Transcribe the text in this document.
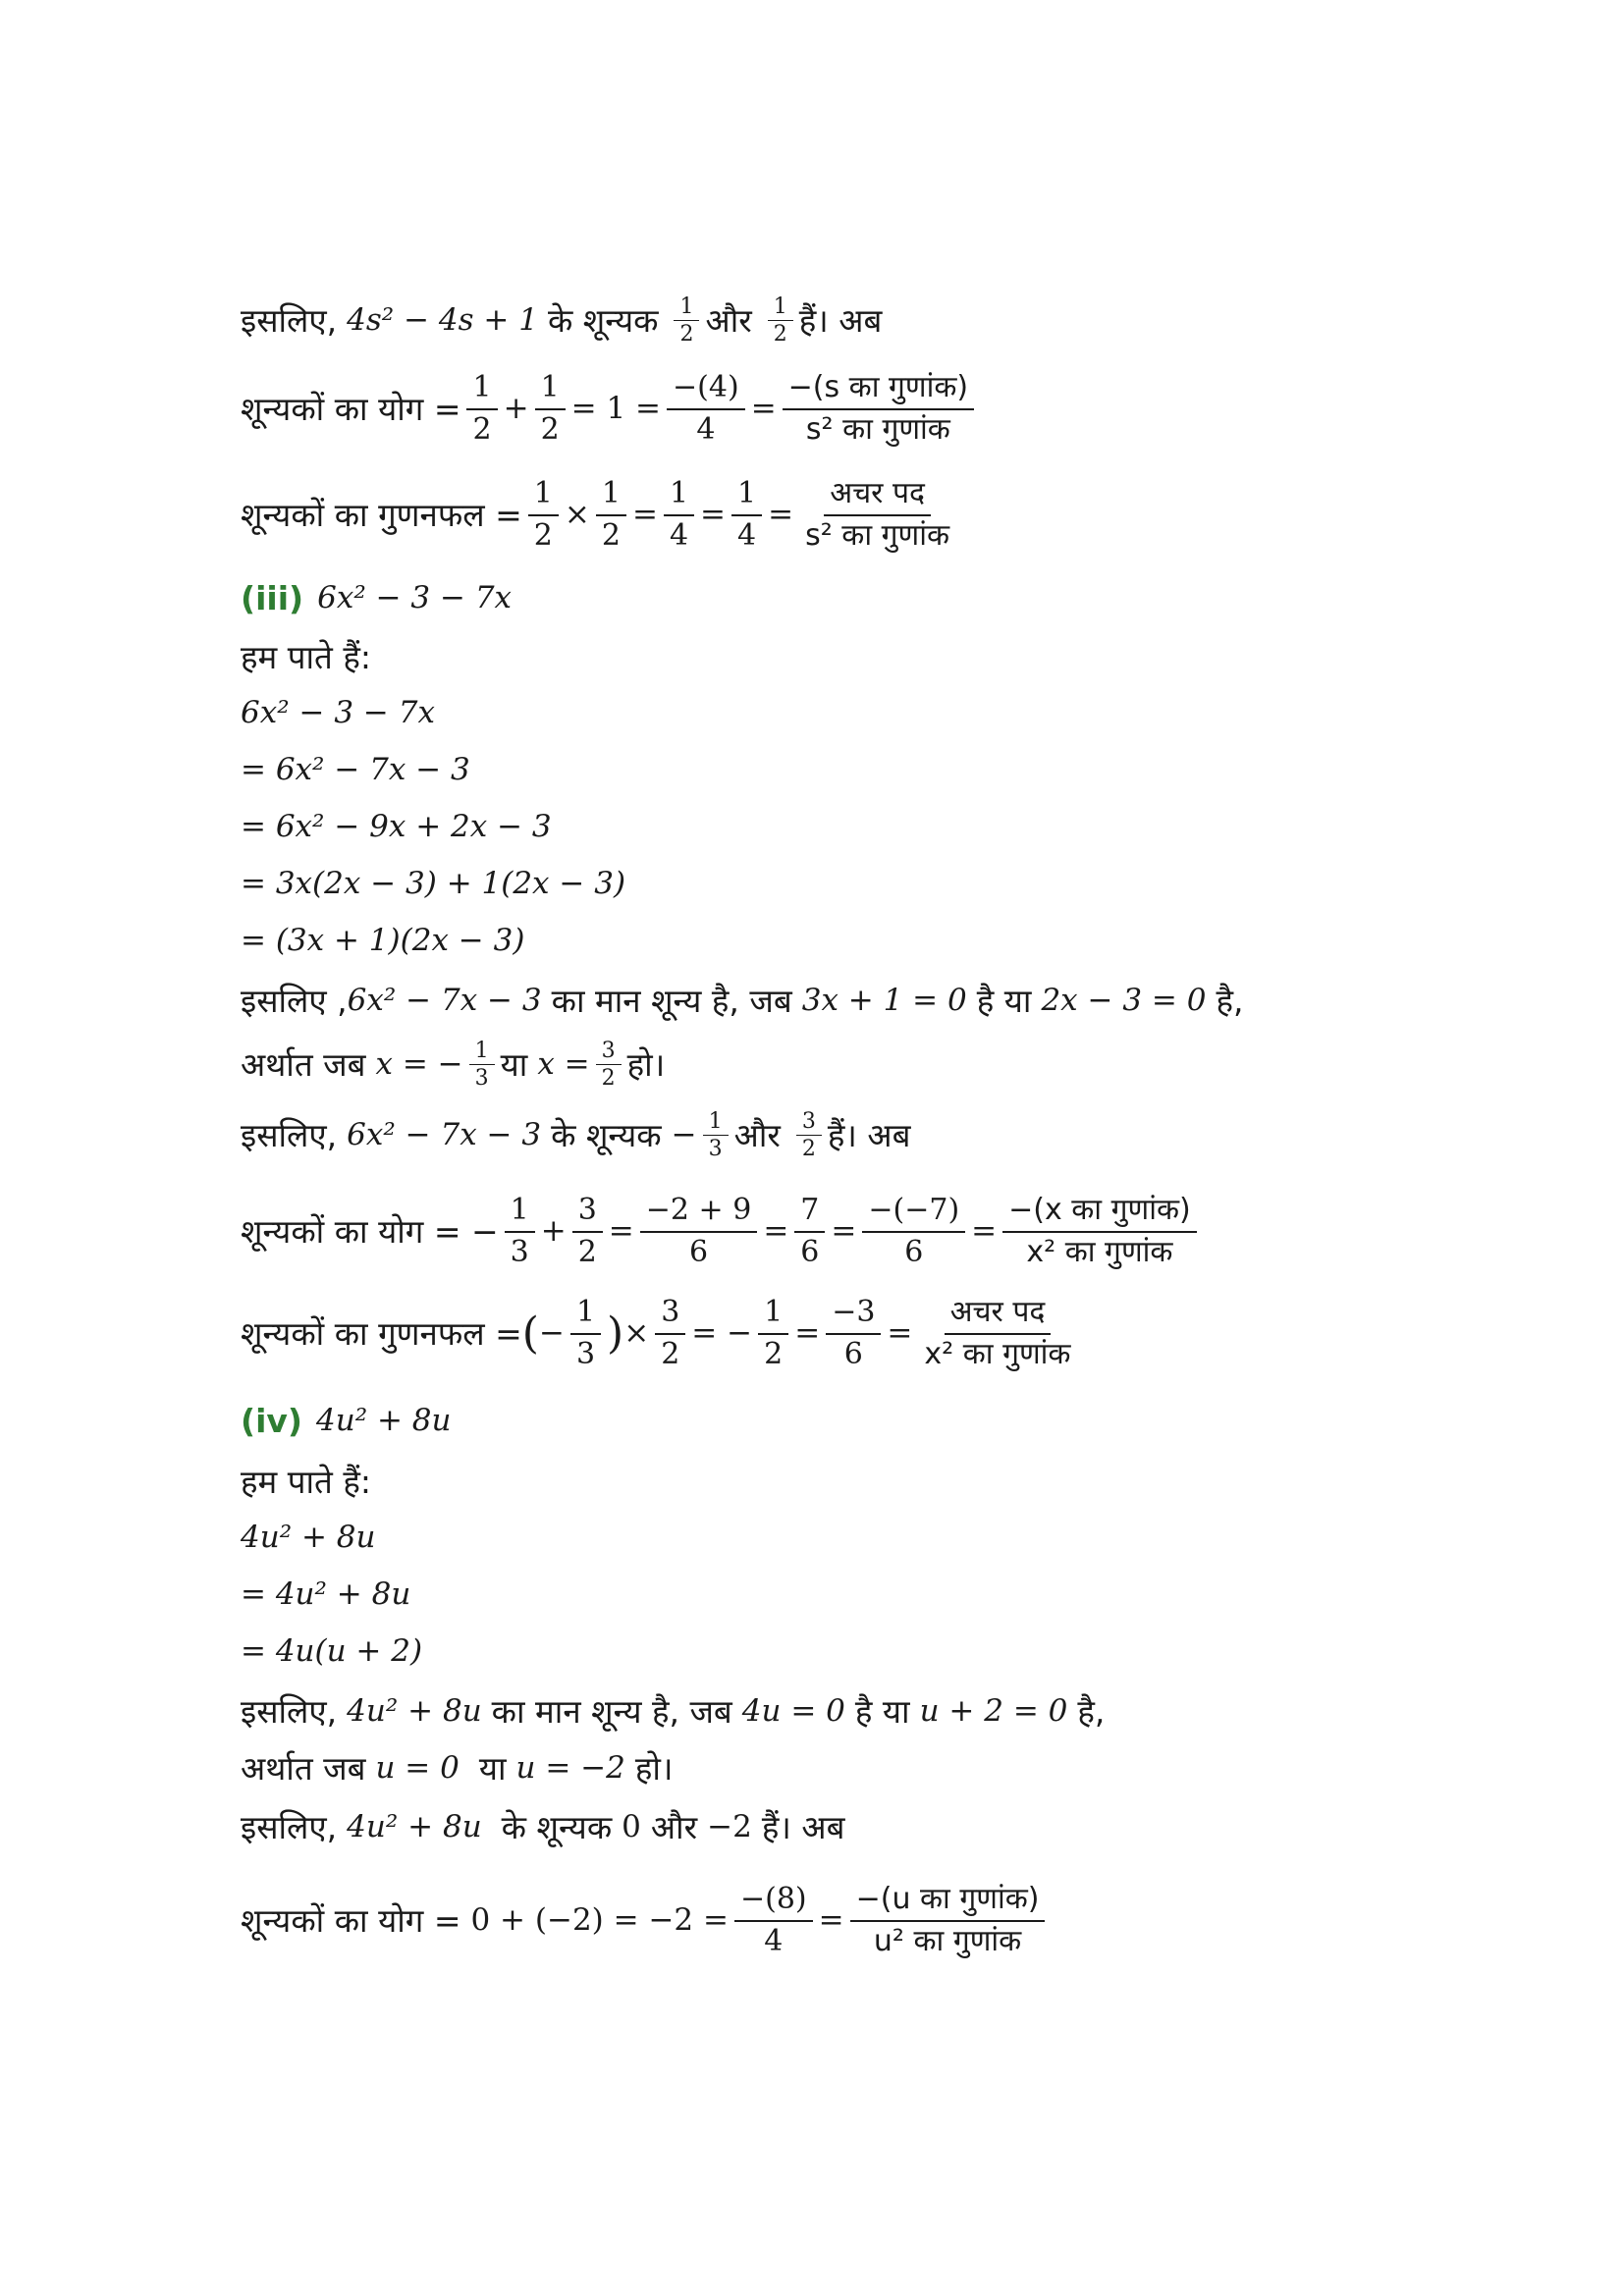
इसलिए, 4s² − 4s + 1 के शून्यक $\frac{1}{2}$ और $\frac{1}{2}$ हैं। अब
शून्यकों का योग = $\frac{1}{2} + \frac{1}{2} = 1 = \frac{-(4)}{4} = \frac{\text{−(s का गुणांक)}}{\text{s² का गुणांक}}$
शून्यकों का गुणनफल = $\frac{1}{2} \times \frac{1}{2} = \frac{1}{4} = \frac{1}{4} = \frac{\text{अचर पद}}{\text{s² का गुणांक}}$
(iii) 6x² − 3 − 7x
हम पाते हैं:
6x² − 3 − 7x
= 6x² − 7x − 3
= 6x² − 9x + 2x − 3
= 3x(2x − 3) + 1(2x − 3)
= (3x + 1)(2x − 3)
इसलिए , 6x² − 7x − 3 का मान शून्य है, जब 3x + 1 = 0 है या 2x − 3 = 0 है,
अर्थात जब x = − $\frac{1}{3}$ या $x = \frac{3}{2}$ हो।
इसलिए, 6x² − 7x − 3 के शून्यक − $\frac{1}{3}$ और $\frac{3}{2}$ हैं। अब
शून्यकों का योग = − $\frac{1}{3} + \frac{3}{2} = \frac{-2 + 9}{6} = \frac{7}{6} = \frac{-(-7)}{6} = \frac{\text{−(x का गुणांक)}}{\text{x² का गुणांक}}$
शून्यकों का गुणनफल = ( − $\frac{1}{3}$ ) × $\frac{3}{2}$ = − $\frac{1}{2} = \frac{-3}{6} = \frac{\text{अचर पद}}{\text{x² का गुणांक}}$
(iv) 4u² + 8u
हम पाते हैं:
4u² + 8u
= 4u² + 8u
= 4u(u + 2)
इसलिए, 4u² + 8u का मान शून्य है, जब 4u = 0 है या u + 2 = 0 है,
अर्थात जब u = 0 या u = −2 हो।
इसलिए, 4u² + 8u के शून्यक 0 और −2 हैं। अब
शून्यकों का योग = $0 + (-2) = -2 = \frac{-(8)}{4} = \frac{\text{−(u का गुणांक)}}{\text{u² का गुणांक}}$
